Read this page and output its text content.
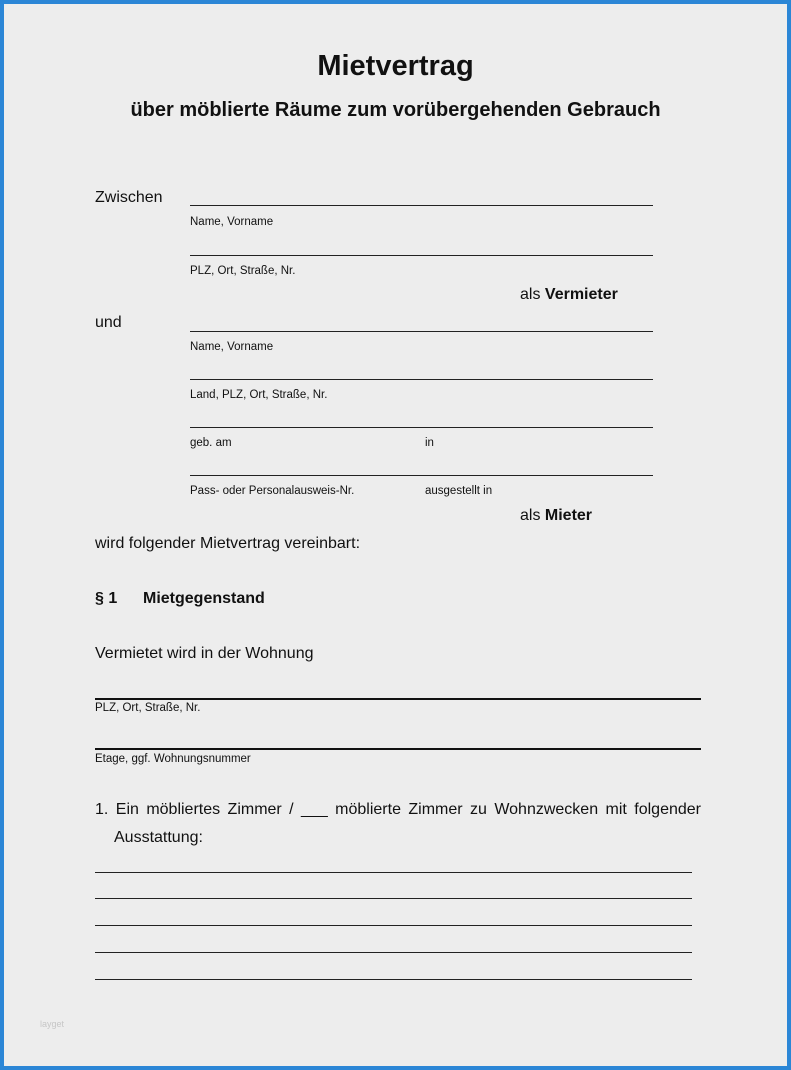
Mietvertrag
über möblierte Räume zum vorübergehenden Gebrauch
Zwischen
Name, Vorname
PLZ, Ort, Straße, Nr.
als Vermieter
und
Name, Vorname
Land, PLZ, Ort, Straße, Nr.
geb. am	in
Pass- oder Personalausweis-Nr.	ausgestellt in
als Mieter
wird folgender Mietvertrag vereinbart:
§ 1 Mietgegenstand
Vermietet wird in der Wohnung
PLZ, Ort, Straße, Nr.
Etage, ggf. Wohnungsnummer
1. Ein möbliertes Zimmer / ___ möblierte Zimmer zu Wohnzwecken mit folgender
Ausstattung:
layget
